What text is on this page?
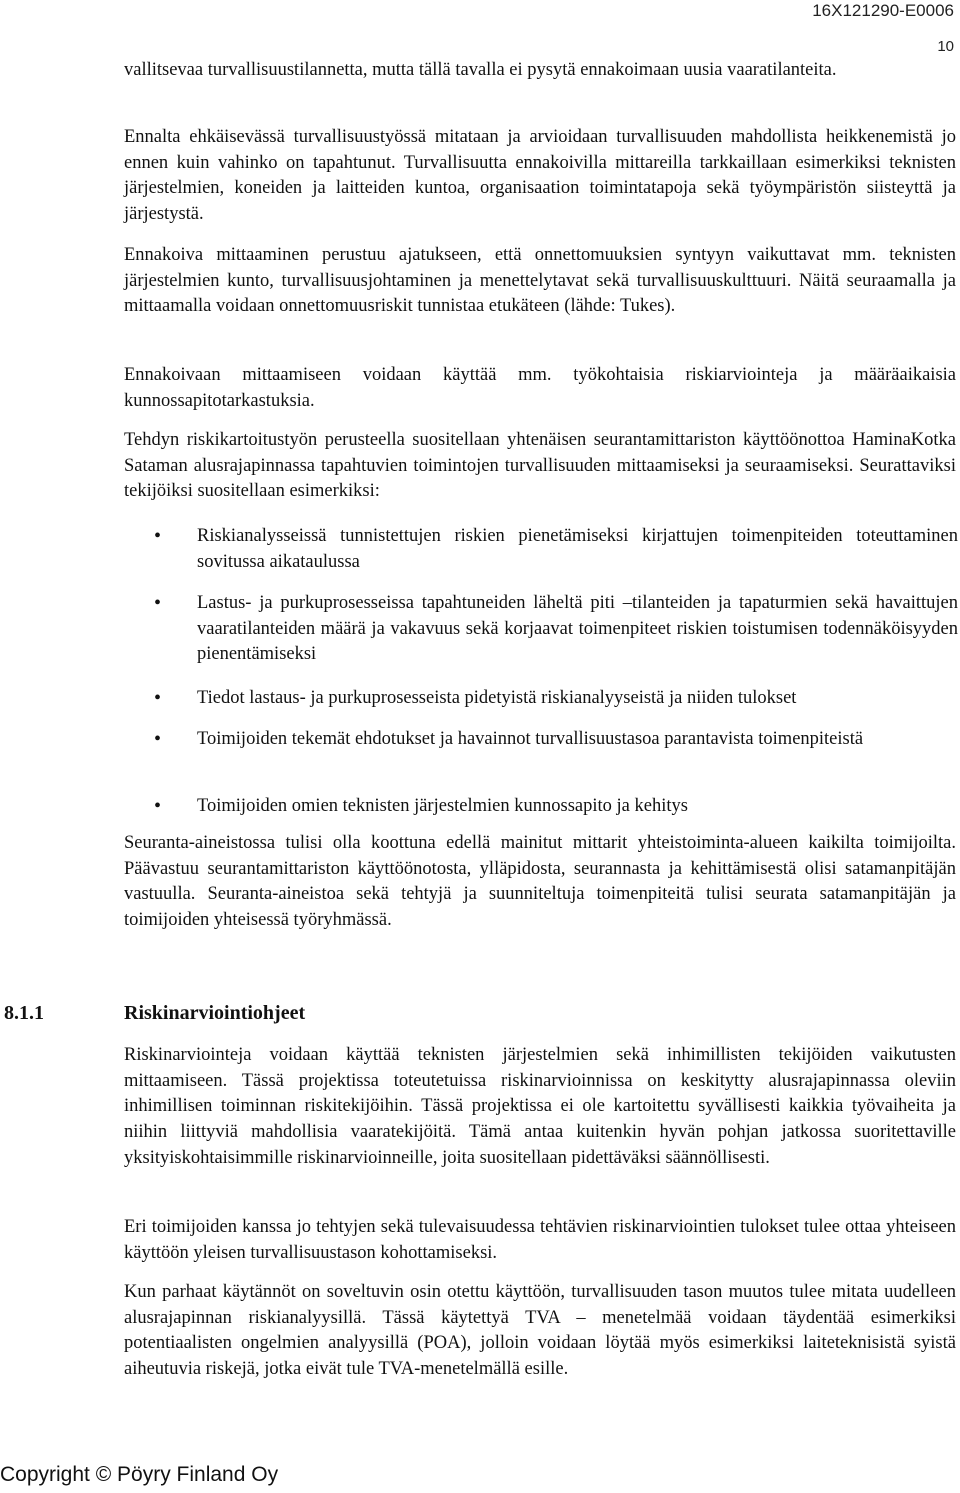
16X121290-E0006
10

vallitsevaa turvallisuustilannetta, mutta tällä tavalla ei pysytä ennakoimaan uusia vaaratilanteita.

Ennalta ehkäisevässä turvallisuustyössä mitataan ja arvioidaan turvallisuuden mahdollista heikkenemistä jo ennen kuin vahinko on tapahtunut. Turvallisuutta ennakoivilla mittareilla tarkkaillaan esimerkiksi teknisten järjestelmien, koneiden ja laitteiden kuntoa, organisaation toimintatapoja sekä työympäristön siisteyttä ja järjestystä.

Ennakoiva mittaaminen perustuu ajatukseen, että onnettomuuksien syntyyn vaikuttavat mm. teknisten järjestelmien kunto, turvallisuusjohtaminen ja menettelytavat sekä turvallisuuskulttuuri. Näitä seuraamalla ja mittaamalla voidaan onnettomuusriskit tunnistaa etukäteen (lähde: Tukes).

Ennakoivaan mittaamiseen voidaan käyttää mm. työkohtaisia riskiarviointeja ja määräaikaisia kunnossapitotarkastuksia.

Tehdyn riskikartoitustyön perusteella suositellaan yhtenäisen seurantamittariston käyttöönottoa HaminaKotka Sataman alusrajapinnassa tapahtuvien toimintojen turvallisuuden mittaamiseksi ja seuraamiseksi. Seurattaviksi tekijöiksi suositellaan esimerkiksi:

• Riskianalysseissä tunnistettujen riskien pienetämiseksi kirjattujen toimenpiteiden toteuttaminen sovitussa aikataulussa
• Lastus- ja purkuprosesseissa tapahtuneiden läheltä piti –tilanteiden ja tapaturmien sekä havaittujen vaaratilanteiden määrä ja vakavuus sekä korjaavat toimenpiteet riskien toistumisen todennäköisyyden pienentämiseksi
• Tiedot lastaus- ja purkuprosesseista pidetyistä riskianalyyseistä ja niiden tulokset
• Toimijoiden tekemät ehdotukset ja havainnot turvallisuustasoa parantavista toimenpiteistä
• Toimijoiden omien teknisten järjestelmien kunnossapito ja kehitys

Seuranta-aineistossa tulisi olla koottuna edellä mainitut mittarit yhteistoiminta-alueen kaikilta toimijoilta. Päävastuu seurantamittariston käyttöönotosta, ylläpidosta, seurannasta ja kehittämisestä olisi satamanpitäjän vastuulla. Seuranta-aineistoa sekä tehtyjä ja suunniteltuja toimenpiteitä tulisi seurata satamanpitäjän ja toimijoiden yhteisessä työryhmässä.

8.1.1	Riskinarviointiohjeet

Riskinarviointeja voidaan käyttää teknisten järjestelmien sekä inhimillisten tekijöiden vaikutusten mittaamiseen. Tässä projektissa toteutetuissa riskinarvioinnissa on keskitytty alusrajapinnassa oleviin inhimillisen toiminnan riskitekijöihin. Tässä projektissa ei ole kartoitettu syvällisesti kaikkia työvaiheita ja niihin liittyviä mahdollisia vaaratekijöitä. Tämä antaa kuitenkin hyvän pohjan jatkossa suoritettaville yksityiskohtaisimmille riskinarvioinneille, joita suositellaan pidettäväksi säännöllisesti.

Eri toimijoiden kanssa jo tehtyjen sekä tulevaisuudessa tehtävien riskinarviointien tulokset tulee ottaa yhteiseen käyttöön yleisen turvallisuustason kohottamiseksi.

Kun parhaat käytännöt on soveltuvin osin otettu käyttöön, turvallisuuden tason muutos tulee mitata uudelleen alusrajapinnan riskianalyysillä. Tässä käytettyä TVA – menetelmää voidaan täydentää esimerkiksi potentiaalisten ongelmien analyysillä (POA), jolloin voidaan löytää myös esimerkiksi laiteteknisistä syistä aiheutuvia riskejä, jotka eivät tule TVA-menetelmällä esille.

Copyright © Pöyry Finland Oy
